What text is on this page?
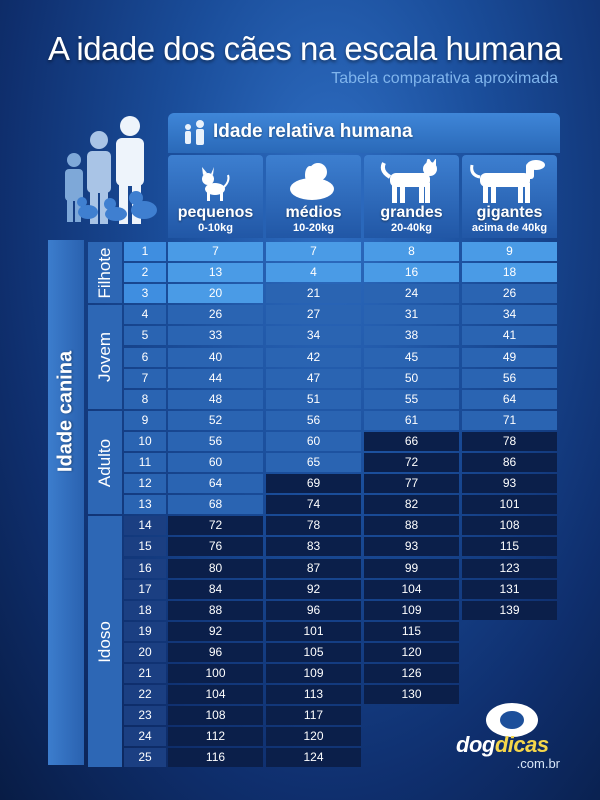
A idade dos cães na escala humana
Tabela comparativa aproximada
Idade relativa humana
pequenos
0-10kg
médios
10-20kg
grandes
20-40kg
gigantes
acima de 40kg
Idade canina
Filhote
Jovem
Adulto
Idoso
1
2
3
4
5
6
7
8
9
10
11
12
13
14
15
16
17
18
19
20
21
22
23
24
25
7
13
20
26
33
40
44
48
52
56
60
64
68
72
76
80
84
88
92
96
100
104
108
112
116
7
4
21
27
34
42
47
51
56
60
65
69
74
78
83
87
92
96
101
105
109
113
117
120
124
8
16
24
31
38
45
50
55
61
66
72
77
82
88
93
99
104
109
115
120
126
130
9
18
26
34
41
49
56
64
71
78
86
93
101
108
115
123
131
139
dogdicas
.com.br
